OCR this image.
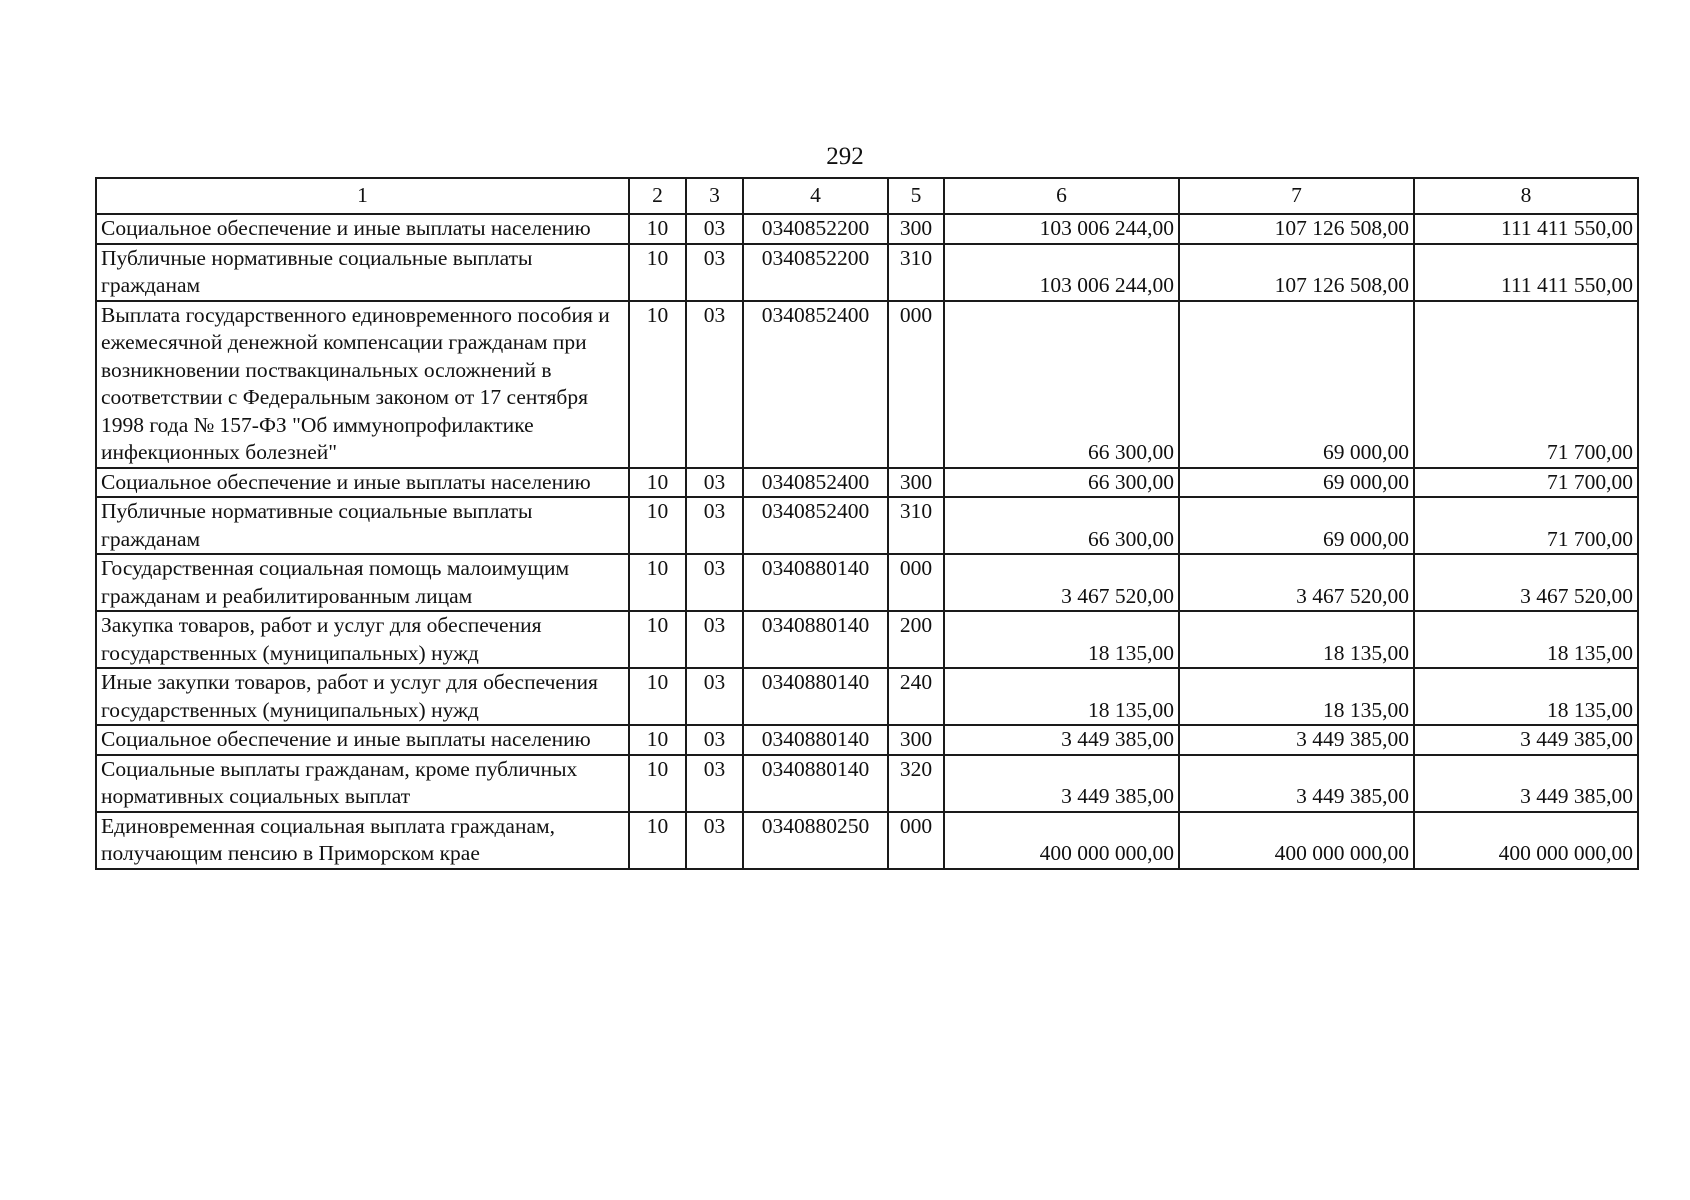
292
1	2	3	4	5	6	7	8
Социальное обеспечение и иные выплаты населению	10	03	0340852200	300	103 006 244,00	107 126 508,00	111 411 550,00
Публичные нормативные социальные выплаты гражданам	10	03	0340852200	310	103 006 244,00	107 126 508,00	111 411 550,00
Выплата государственного единовременного пособия и ежемесячной денежной компенсации гражданам при возникновении поствакцинальных осложнений в соответствии с Федеральным законом от 17 сентября 1998 года № 157-ФЗ "Об иммунопрофилактике инфекционных болезней"	10	03	0340852400	000	66 300,00	69 000,00	71 700,00
Социальное обеспечение и иные выплаты населению	10	03	0340852400	300	66 300,00	69 000,00	71 700,00
Публичные нормативные социальные выплаты гражданам	10	03	0340852400	310	66 300,00	69 000,00	71 700,00
Государственная социальная помощь малоимущим гражданам и реабилитированным лицам	10	03	0340880140	000	3 467 520,00	3 467 520,00	3 467 520,00
Закупка товаров, работ и услуг для обеспечения государственных (муниципальных) нужд	10	03	0340880140	200	18 135,00	18 135,00	18 135,00
Иные закупки товаров, работ и услуг для обеспечения государственных (муниципальных) нужд	10	03	0340880140	240	18 135,00	18 135,00	18 135,00
Социальное обеспечение и иные выплаты населению	10	03	0340880140	300	3 449 385,00	3 449 385,00	3 449 385,00
Социальные выплаты гражданам, кроме публичных нормативных социальных выплат	10	03	0340880140	320	3 449 385,00	3 449 385,00	3 449 385,00
Единовременная социальная выплата гражданам, получающим пенсию в Приморском крае	10	03	0340880250	000	400 000 000,00	400 000 000,00	400 000 000,00
